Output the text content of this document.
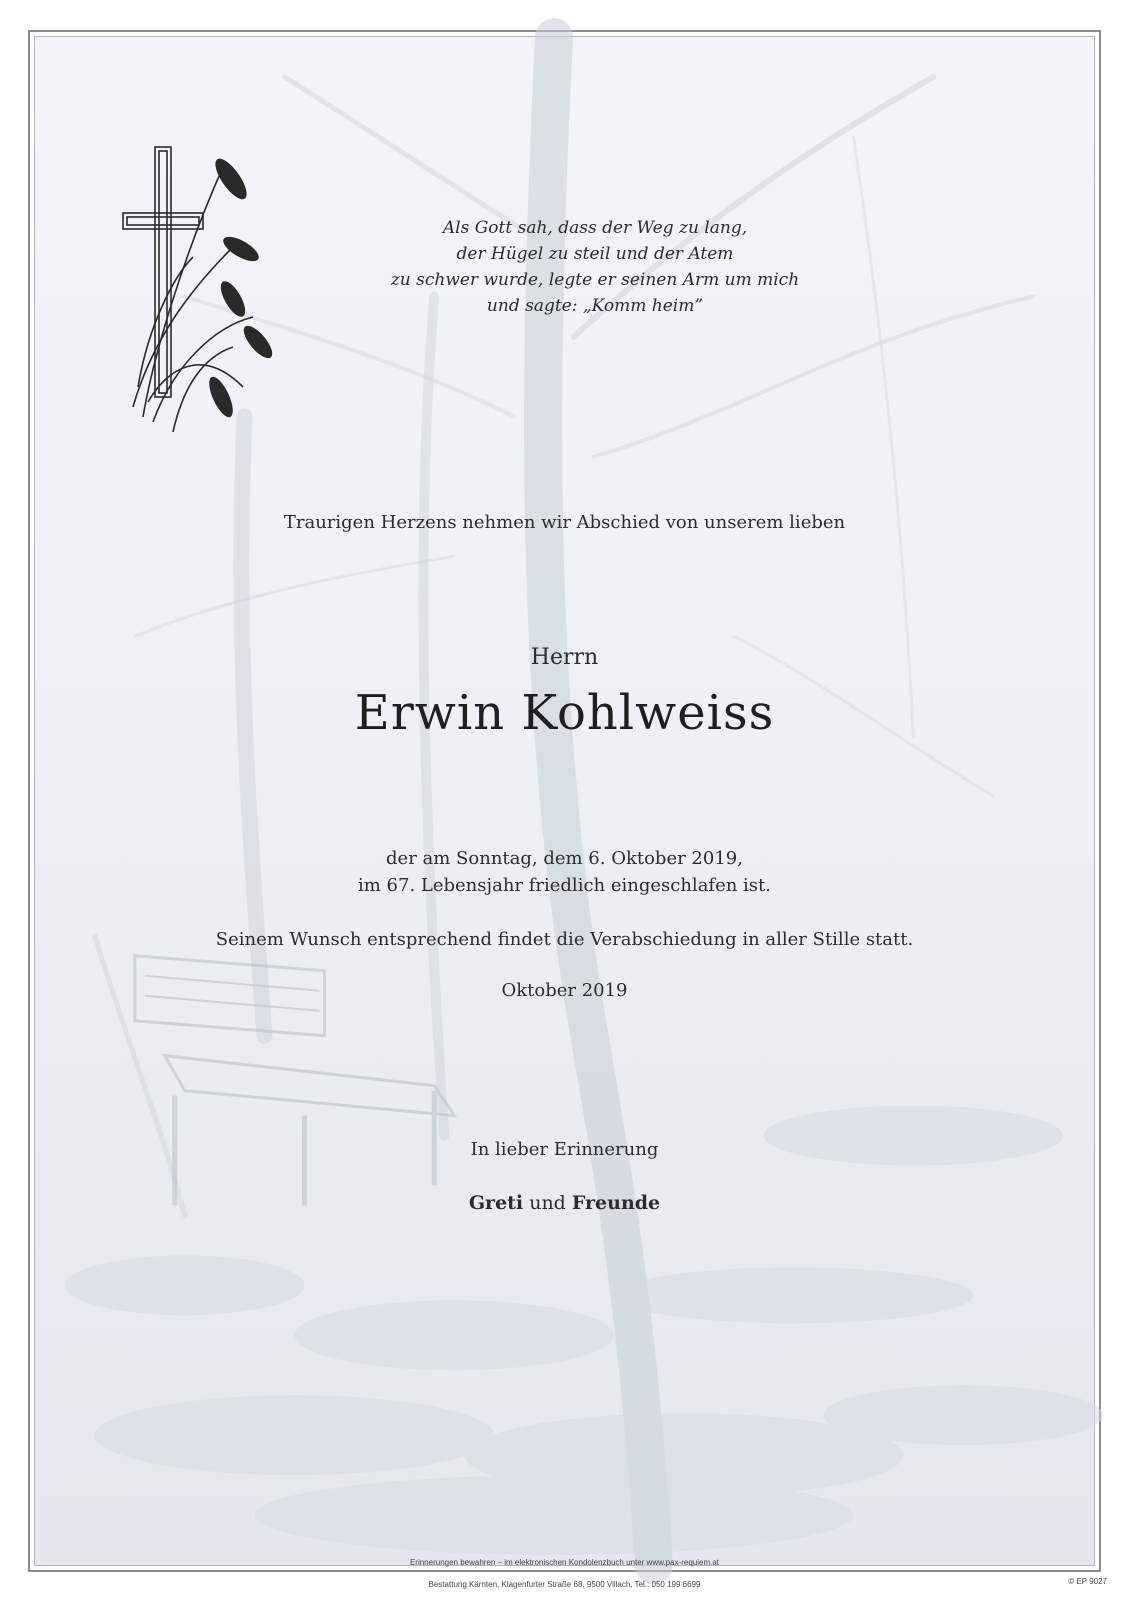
Als Gott sah, dass der Weg zu lang,
der Hügel zu steil und der Atem
zu schwer wurde, legte er seinen Arm um mich
und sagte: „Komm heim”
Traurigen Herzens nehmen wir Abschied von unserem lieben
Herrn
Erwin Kohlweiss
der am Sonntag, dem 6. Oktober 2019,
im 67. Lebensjahr friedlich eingeschlafen ist.
Seinem Wunsch entsprechend findet die Verabschiedung in aller Stille statt.
Oktober 2019
In lieber Erinnerung
Greti und Freunde
Erinnerungen bewahren – im elektronischen Kondolenzbuch unter www.pax-requiem.at
Bestattung Kärnten, Klagenfurter Straße 68, 9500 Villach, Tel.: 050 199 6699	© EP 9027
